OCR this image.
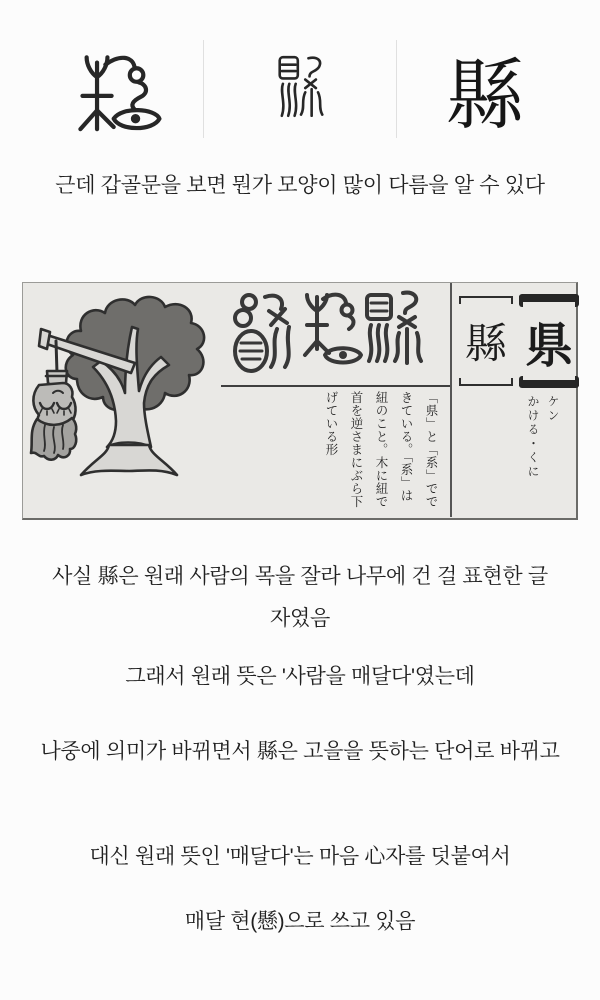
縣
근데 갑골문을 보면 뭔가 모양이 많이 다름을 알 수 있다
「県」と「系」でできている。「系」は紐のこと。木に紐で首を逆さまにぶら下げている形
縣 県
ケン
かける・くに
사실 縣은 원래 사람의 목을 잘라 나무에 건 걸 표현한 글자였음
그래서 원래 뜻은 '사람을 매달다'였는데
나중에 의미가 바뀌면서 縣은 고을을 뜻하는 단어로 바뀌고
대신 원래 뜻인 '매달다'는 마음 心자를 덧붙여서
매달 현(懸)으로 쓰고 있음
